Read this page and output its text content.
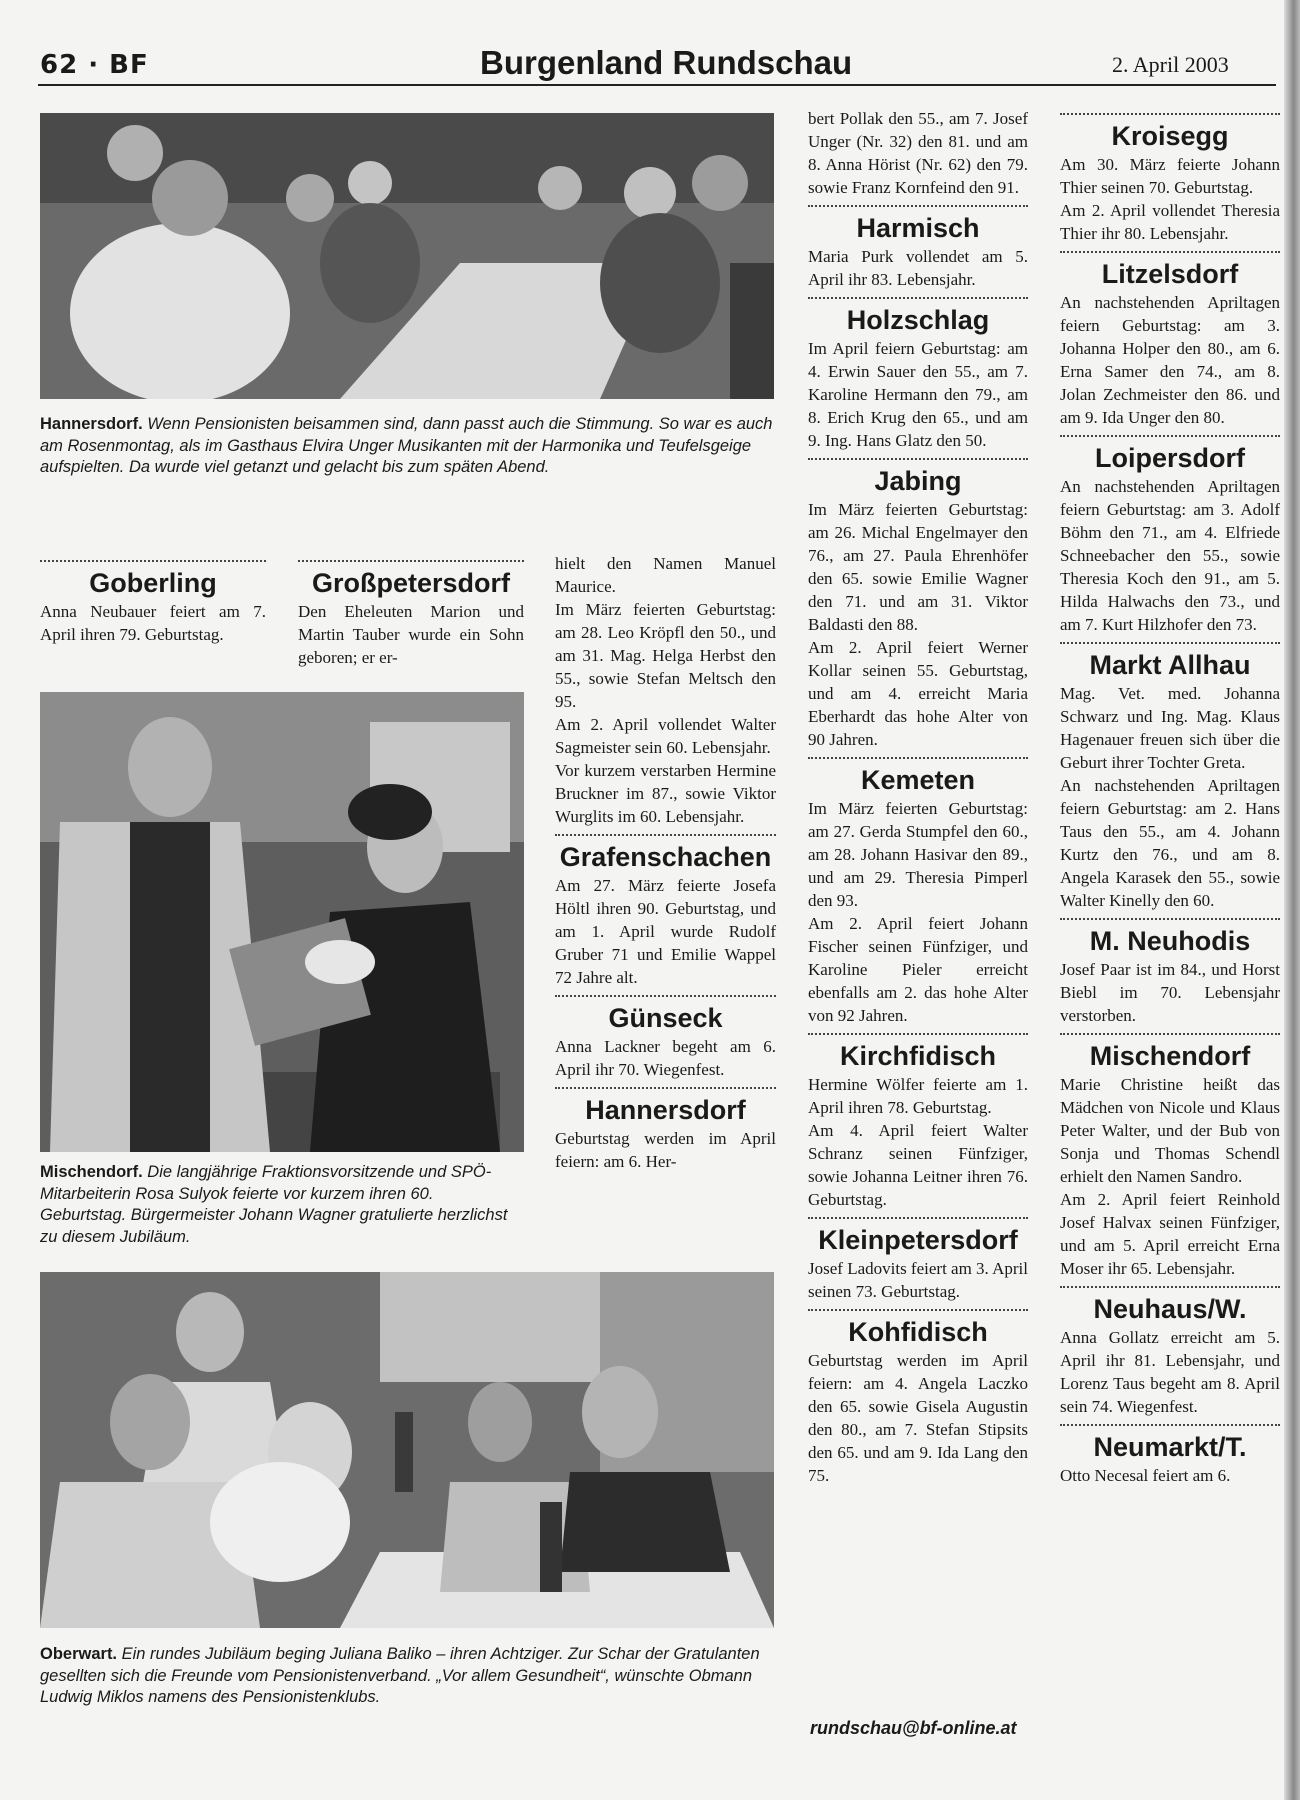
62 · BF	Burgenland Rundschau	2. April 2003
Hannersdorf. Wenn Pensionisten beisammen sind, dann passt auch die Stimmung. So war es auch am Rosenmontag, als im Gasthaus Elvira Unger Musikanten mit der Harmonika und Teufelsgeige aufspielten. Da wurde viel getanzt und gelacht bis zum späten Abend.
Mischendorf. Die langjährige Fraktionsvorsitzende und SPÖ-Mitarbeiterin Rosa Sulyok feierte vor kurzem ihren 60. Geburtstag. Bürgermeister Johann Wagner gratulierte herzlichst zu diesem Jubiläum.
Oberwart. Ein rundes Jubiläum beging Juliana Baliko – ihren Achtziger. Zur Schar der Gratulanten gesellten sich die Freunde vom Pensionistenverband. „Vor allem Gesundheit“, wünschte Obmann Ludwig Miklos namens des Pensionistenklubs.
Goberling

Anna Neubauer feiert am 7. April ihren 79. Geburtstag.

Großpetersdorf

Den Eheleuten Marion und Martin Tauber wurde ein Sohn geboren; er er-

hielt den Namen Manuel Maurice.

Im März feierten Geburtstag: am 28. Leo Kröpfl den 50., und am 31. Mag. Helga Herbst den 55., sowie Stefan Meltsch den 95.

Am 2. April vollendet Walter Sagmeister sein 60. Lebensjahr.

Vor kurzem verstarben Hermine Bruckner im 87., sowie Viktor Wurglits im 60. Lebensjahr.

Grafenschachen

Am 27. März feierte Josefa Höltl ihren 90. Geburtstag, und am 1. April wurde Rudolf Gruber 71 und Emilie Wappel 72 Jahre alt.

Günseck

Anna Lackner begeht am 6. April ihr 70. Wiegenfest.

Hannersdorf

Geburtstag werden im April feiern: am 6. Her-

bert Pollak den 55., am 7. Josef Unger (Nr. 32) den 81. und am 8. Anna Hörist (Nr. 62) den 79. sowie Franz Kornfeind den 91.

Harmisch

Maria Purk vollendet am 5. April ihr 83. Lebensjahr.

Holzschlag

Im April feiern Geburtstag: am 4. Erwin Sauer den 55., am 7. Karoline Hermann den 79., am 8. Erich Krug den 65., und am 9. Ing. Hans Glatz den 50.

Jabing

Im März feierten Geburtstag: am 26. Michal Engelmayer den 76., am 27. Paula Ehrenhöfer den 65. sowie Emilie Wagner den 71. und am 31. Viktor Baldasti den 88.

Am 2. April feiert Werner Kollar seinen 55. Geburtstag, und am 4. erreicht Maria Eberhardt das hohe Alter von 90 Jahren.

Kemeten

Im März feierten Geburtstag: am 27. Gerda Stumpfel den 60., am 28. Johann Hasivar den 89., und am 29. Theresia Pimperl den 93.

Am 2. April feiert Johann Fischer seinen Fünfziger, und Karoline Pieler erreicht ebenfalls am 2. das hohe Alter von 92 Jahren.

Kirchfidisch

Hermine Wölfer feierte am 1. April ihren 78. Geburtstag.

Am 4. April feiert Walter Schranz seinen Fünfziger, sowie Johanna Leitner ihren 76. Geburtstag.

Kleinpetersdorf

Josef Ladovits feiert am 3. April seinen 73. Geburtstag.

Kohfidisch

Geburtstag werden im April feiern: am 4. Angela Laczko den 65. sowie Gisela Augustin den 80., am 7. Stefan Stipsits den 65. und am 9. Ida Lang den 75.

Kroisegg

Am 30. März feierte Johann Thier seinen 70. Geburtstag.

Am 2. April vollendet Theresia Thier ihr 80. Lebensjahr.

Litzelsdorf

An nachstehenden Apriltagen feiern Geburtstag: am 3. Johanna Holper den 80., am 6. Erna Samer den 74., am 8. Jolan Zechmeister den 86. und am 9. Ida Unger den 80.

Loipersdorf

An nachstehenden Apriltagen feiern Geburtstag: am 3. Adolf Böhm den 71., am 4. Elfriede Schneebacher den 55., sowie Theresia Koch den 91., am 5. Hilda Halwachs den 73., und am 7. Kurt Hilzhofer den 73.

Markt Allhau

Mag. Vet. med. Johanna Schwarz und Ing. Mag. Klaus Hagenauer freuen sich über die Geburt ihrer Tochter Greta.

An nachstehenden Apriltagen feiern Geburtstag: am 2. Hans Taus den 55., am 4. Johann Kurtz den 76., und am 8. Angela Karasek den 55., sowie Walter Kinelly den 60.

M. Neuhodis

Josef Paar ist im 84., und Horst Biebl im 70. Lebensjahr verstorben.

Mischendorf

Marie Christine heißt das Mädchen von Nicole und Klaus Peter Walter, und der Bub von Sonja und Thomas Schendl erhielt den Namen Sandro.

Am 2. April feiert Reinhold Josef Halvax seinen Fünfziger, und am 5. April erreicht Erna Moser ihr 65. Lebensjahr.

Neuhaus/W.

Anna Gollatz erreicht am 5. April ihr 81. Lebensjahr, und Lorenz Taus begeht am 8. April sein 74. Wiegenfest.

Neumarkt/T.

Otto Necesal feiert am 6.

rundschau@bf-online.at
